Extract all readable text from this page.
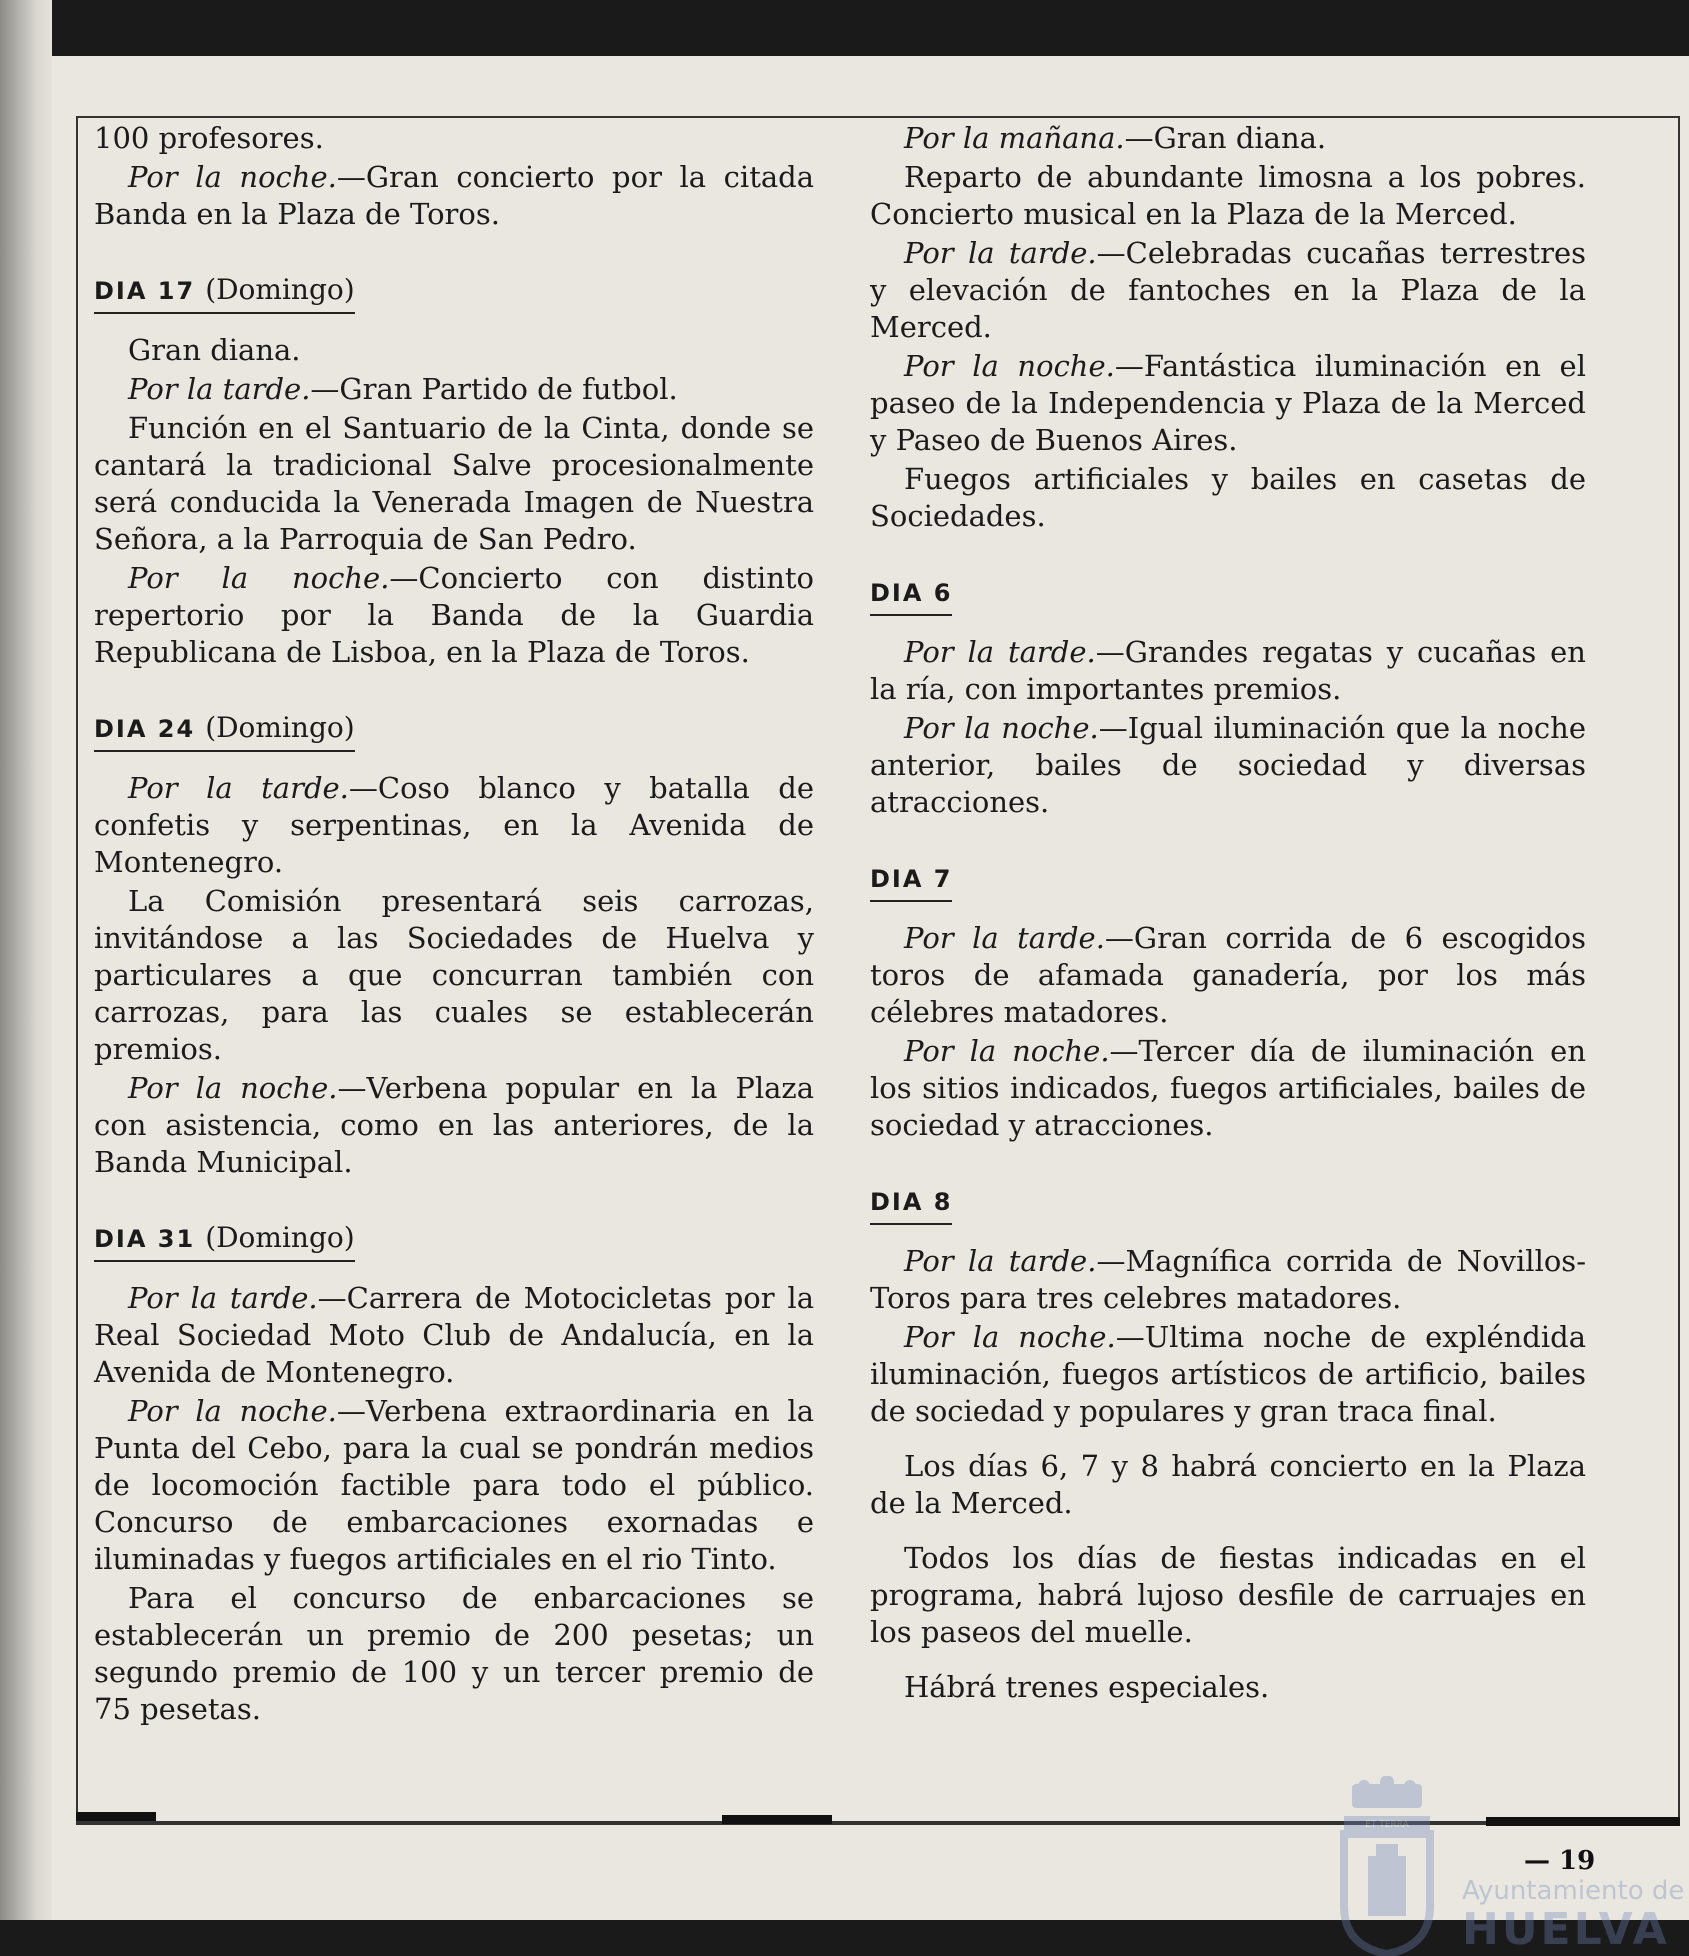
100 profesores.

Por la noche.—Gran concierto por la citada Banda en la Plaza de Toros.

DIA 17 (Domingo)

Gran diana.

Por la tarde.—Gran Partido de futbol.

Función en el Santuario de la Cinta, donde se cantará la tradicional Salve procesionalmente será conducida la Venerada Imagen de Nuestra Señora, a la Parroquia de San Pedro.

Por la noche.—Concierto con distinto repertorio por la Banda de la Guardia Republicana de Lisboa, en la Plaza de Toros.

DIA 24 (Domingo)

Por la tarde.—Coso blanco y batalla de confetis y serpentinas, en la Avenida de Montenegro.

La Comisión presentará seis carrozas, invitándose a las Sociedades de Huelva y particulares a que concurran también con carrozas, para las cuales se establecerán premios.

Por la noche.—Verbena popular en la Plaza con asistencia, como en las anteriores, de la Banda Municipal.

DIA 31 (Domingo)

Por la tarde.—Carrera de Motocicletas por la Real Sociedad Moto Club de Andalucía, en la Avenida de Montenegro.

Por la noche.—Verbena extraordinaria en la Punta del Cebo, para la cual se pondrán medios de locomoción factible para todo el público. Concurso de embarcaciones exornadas e iluminadas y fuegos artificiales en el rio Tinto.

Para el concurso de enbarcaciones se establecerán un premio de 200 pesetas; un segundo premio de 100 y un tercer premio de 75 pesetas.

Por la mañana.—Gran diana.

Reparto de abundante limosna a los pobres. Concierto musical en la Plaza de la Merced.

Por la tarde.—Celebradas cucañas terrestres y elevación de fantoches en la Plaza de la Merced.

Por la noche.—Fantástica iluminación en el paseo de la Independencia y Plaza de la Merced y Paseo de Buenos Aires.

Fuegos artificiales y bailes en casetas de Sociedades.

DIA 6

Por la tarde.—Grandes regatas y cucañas en la ría, con importantes premios.

Por la noche.—Igual iluminación que la noche anterior, bailes de sociedad y diversas atracciones.

DIA 7

Por la tarde.—Gran corrida de 6 escogidos toros de afamada ganadería, por los más célebres matadores.

Por la noche.—Tercer día de iluminación en los sitios indicados, fuegos artificiales, bailes de sociedad y atracciones.

DIA 8

Por la tarde.—Magnífica corrida de Novillos-Toros para tres celebres matadores.

Por la noche.—Ultima noche de expléndida iluminación, fuegos artísticos de artificio, bailes de sociedad y populares y gran traca final.

Los días 6, 7 y 8 habrá concierto en la Plaza de la Merced.

Todos los días de fiestas indicadas en el programa, habrá lujoso desfile de carruajes en los paseos del muelle.

Hábrá trenes especiales.

— 19
ET TERRA
Ayuntamiento de
HUELVA
